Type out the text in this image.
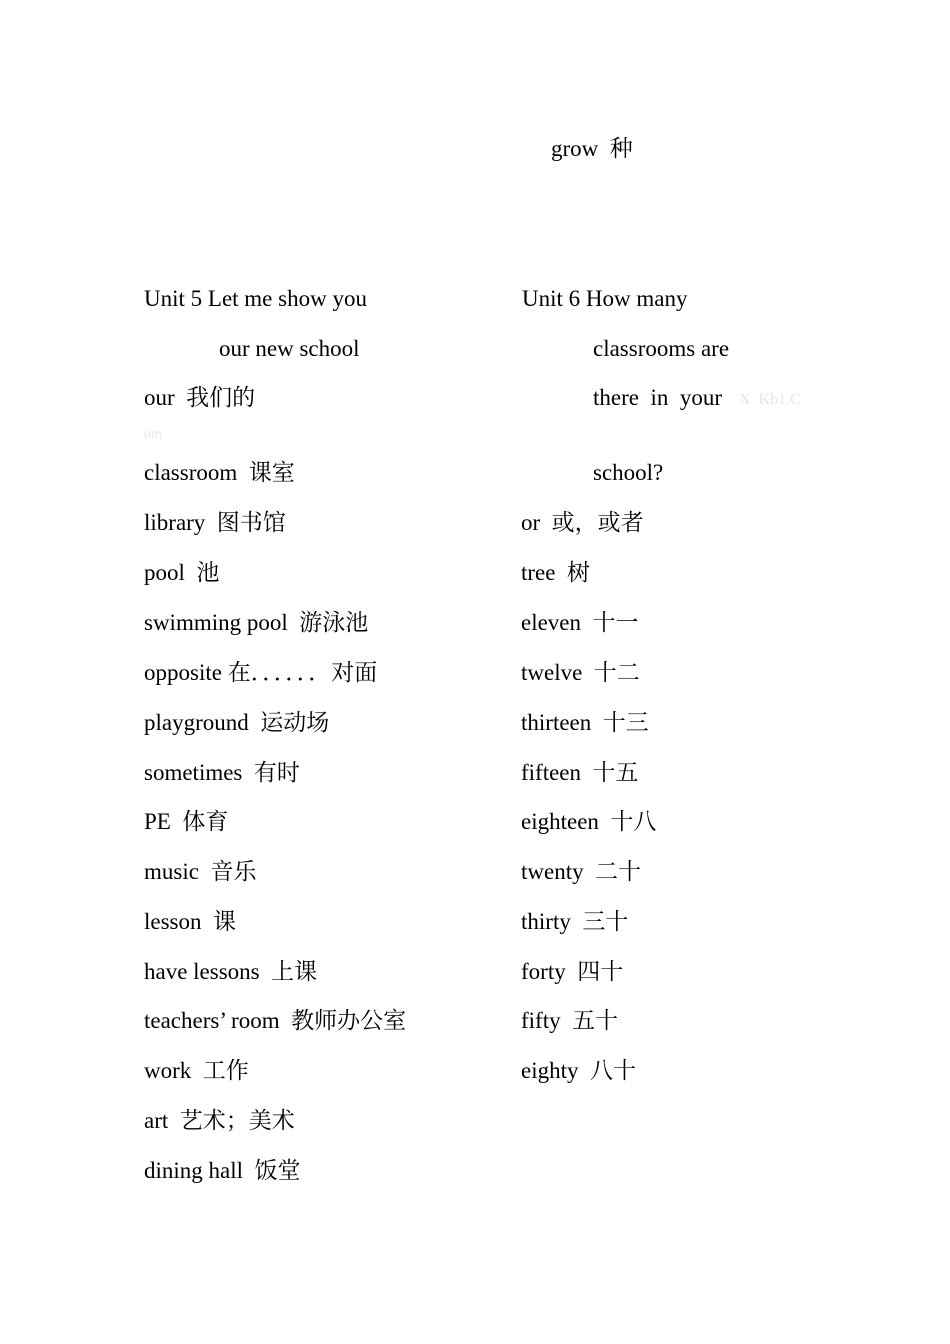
grow  种
Unit 5 Let me show you
our new school
our  我们的
om
classroom  课室
library  图书馆
pool  池
swimming pool  游泳池
opposite 在．．．．．．对面
playground  运动场
sometimes  有时
PE  体育
music  音乐
lesson  课
have lessons  上课
teachers’ room  教师办公室
work  工作
art  艺术；美术
dining hall  饭堂
Unit 6 How many
classrooms are
there  in  your X  Kb1.C
school?
or  或，或者
tree  树
eleven  十一
twelve  十二
thirteen  十三
fifteen  十五
eighteen  十八
twenty  二十
thirty  三十
forty  四十
fifty  五十
eighty  八十
